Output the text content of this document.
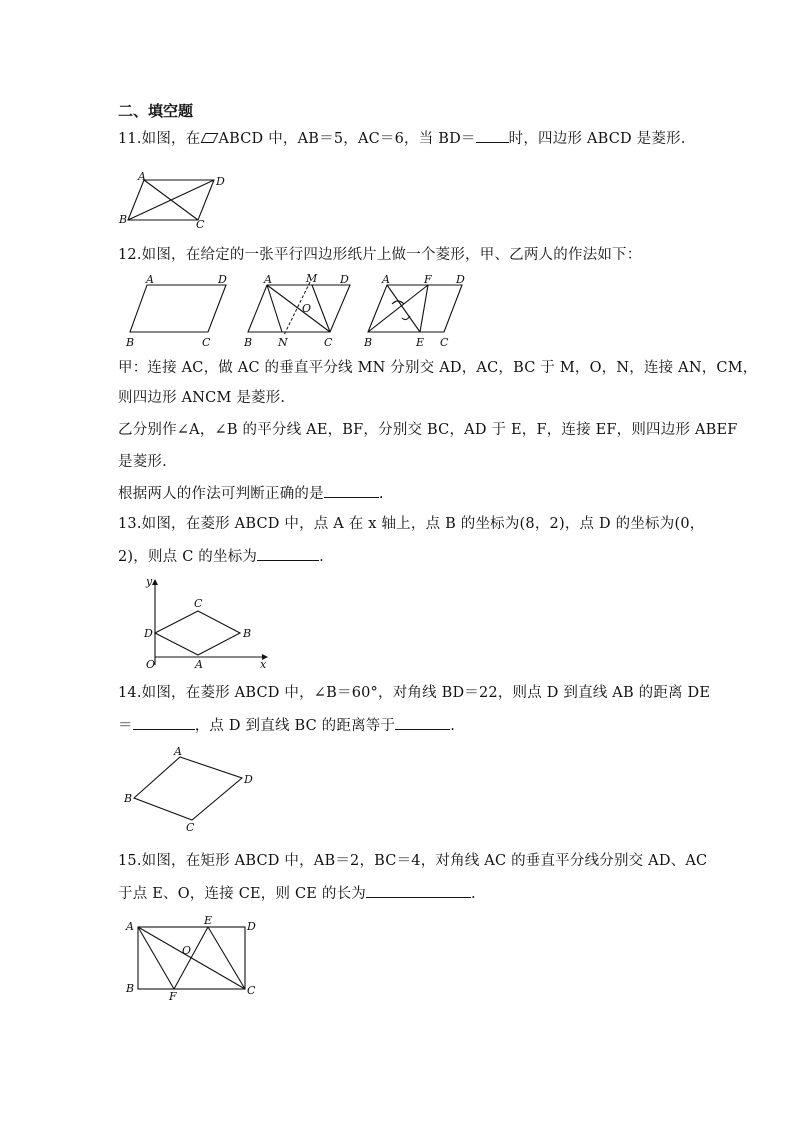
二、填空题
11.如图，在 ABCD 中，AB＝5，AC＝6，当 BD＝ 时，四边形 ABCD 是菱形.
A	D
B	C
12.如图，在给定的一张平行四边形纸片上做一个菱形，甲、乙两人的作法如下：
A	D
B	C
A	M D
O
B N	C
A	F D
B	E C
甲：连接 AC，做 AC 的垂直平分线 MN 分别交 AD，AC，BC 于 M，O，N，连接 AN，CM，
则四边形 ANCM 是菱形.
乙分别作∠A，∠B 的平分线 AE，BF，分别交 BC，AD 于 E，F，连接 EF，则四边形 ABEF
是菱形.
根据两人的作法可判断正确的是	.
13.如图，在菱形 ABCD 中，点 A 在 x 轴上，点 B 的坐标为(8，2)，点 D 的坐标为(0，
2)，则点 C 的坐标为	.
y
C
D	B
O	A	x
14.如图，在菱形 ABCD 中，∠B＝60°，对角线 BD＝22，则点 D 到直线 AB 的距离 DE
＝	，点 D 到直线 BC 的距离等于	.
A
D
B
C
15.如图，在矩形 ABCD 中，AB＝2，BC＝4，对角线 AC 的垂直平分线分别交 AD、AC
于点 E、O，连接 CE，则 CE 的长为	.
A	E	D
O
B
F	C
